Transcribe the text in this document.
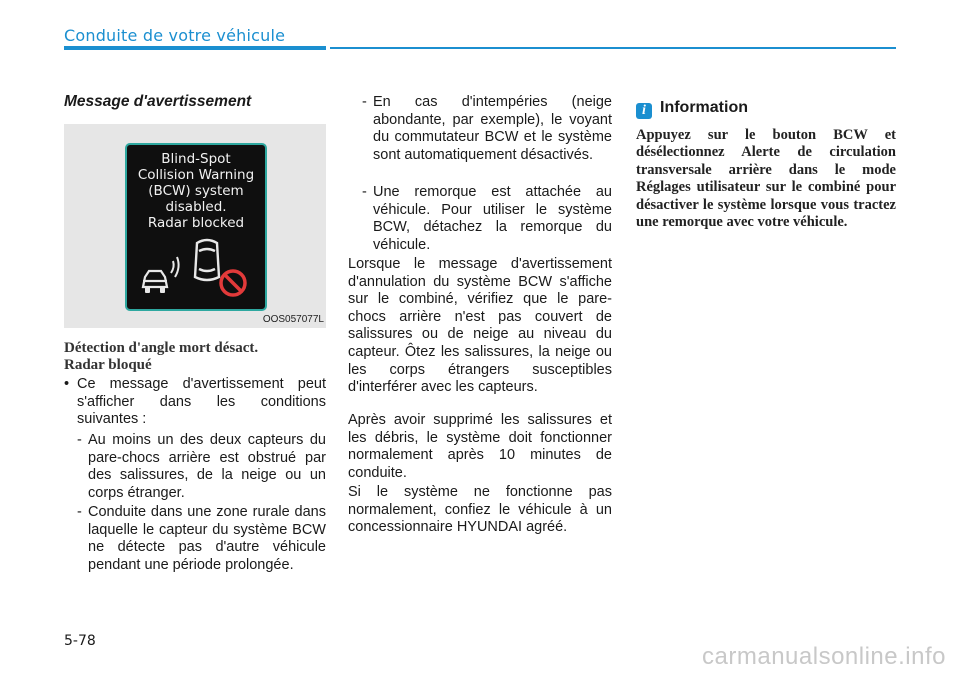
Conduite de votre véhicule
Message d'avertissement
Blind-Spot
Collision Warning
(BCW) system
disabled.
Radar blocked
OOS057077L
Détection d'angle mort désact.
Radar bloqué
• Ce message d'avertissement peut s'afficher dans les conditions suivantes :
- Au moins un des deux capteurs du pare-chocs arrière est obstrué par des salissures, de la neige ou un corps étranger.
- Conduite dans une zone rurale dans laquelle le capteur du système BCW ne détecte pas d'autre véhicule pendant une période prolongée.
- En cas d'intempéries (neige abondante, par exemple), le voyant du commutateur BCW et le système sont automatiquement désactivés.
- Une remorque est attachée au véhicule. Pour utiliser le système BCW, détachez la remorque du véhicule.
Lorsque le message d'avertissement d'annulation du système BCW s'affiche sur le combiné, vérifiez que le pare-chocs arrière n'est pas couvert de salissures ou de neige au niveau du capteur. Ôtez les salissures, la neige ou les corps étrangers susceptibles d'interférer avec les capteurs.
Après avoir supprimé les salissures et les débris, le système doit fonctionner normalement après 10 minutes de conduite.
Si le système ne fonctionne pas normalement, confiez le véhicule à un concessionnaire HYUNDAI agréé.
i Information
Appuyez sur le bouton BCW et désélectionnez Alerte de circulation transversale arrière dans le mode Réglages utilisateur sur le combiné pour désactiver le système lorsque vous tractez une remorque avec votre véhicule.
5-78
carmanualsonline.info
